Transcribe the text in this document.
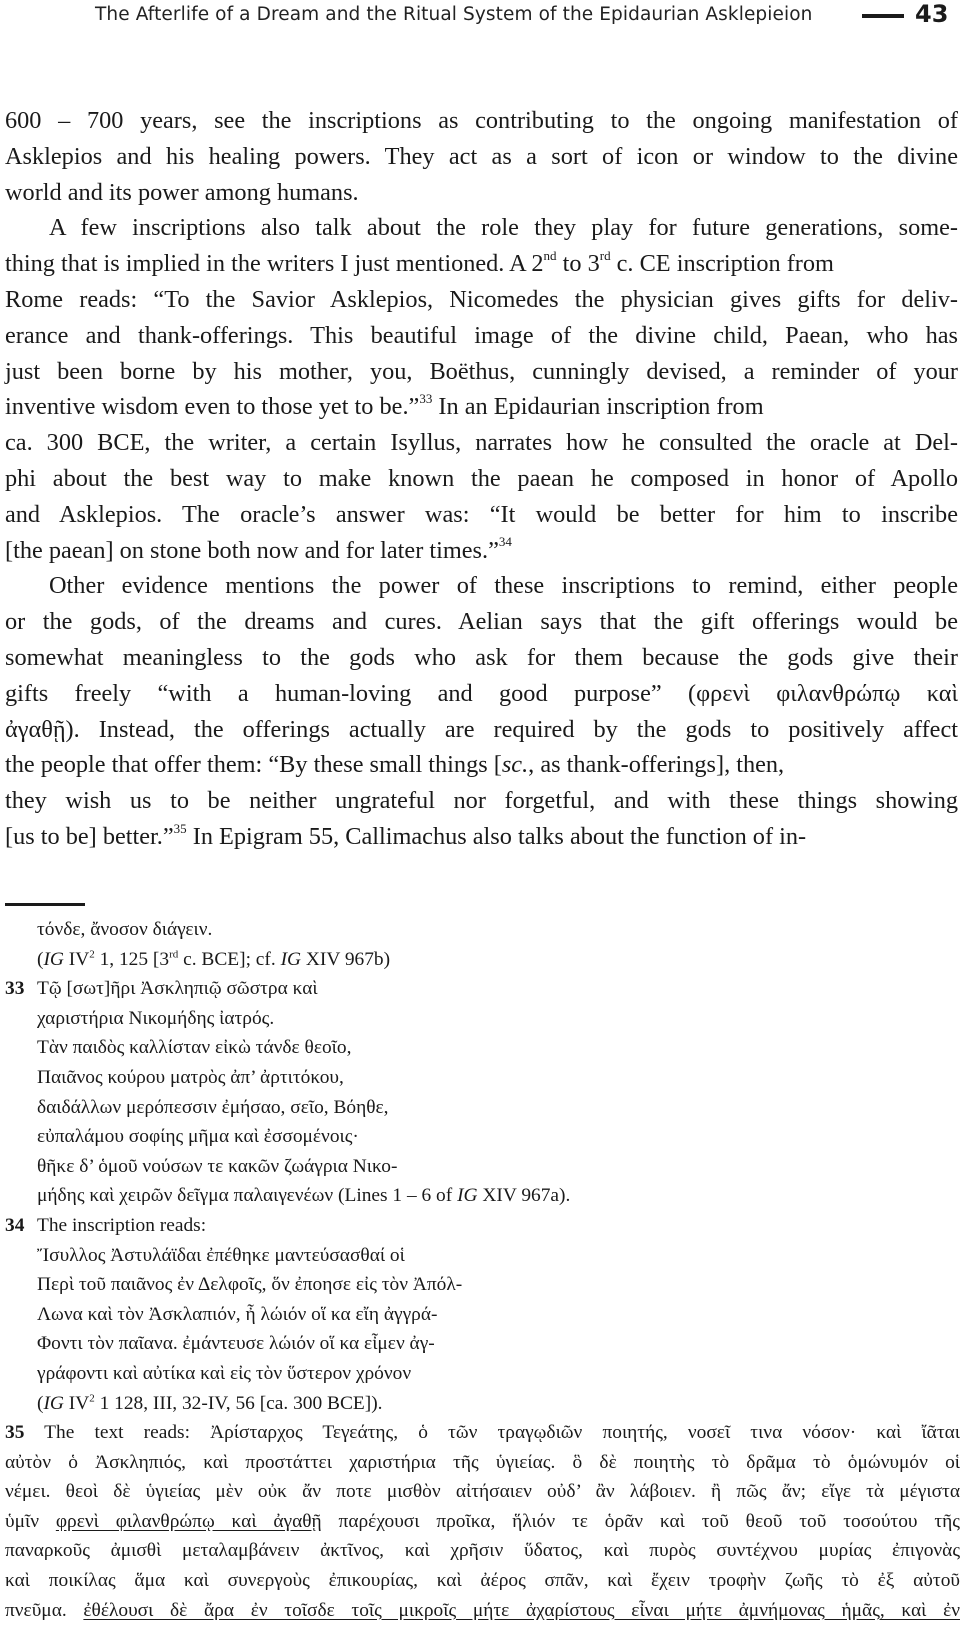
The Afterlife of a Dream and the Ritual System of the Epidaurian Asklepieion	43
600 – 700 years, see the inscriptions as contributing to the ongoing manifestation of
Asklepios and his healing powers. They act as a sort of icon or window to the divine
world and its power among humans.
A few inscriptions also talk about the role they play for future generations, some-
thing that is implied in the writers I just mentioned. A 2nd to 3rd c. CE inscription from
Rome reads: “To the Savior Asklepios, Nicomedes the physician gives gifts for deliv-
erance and thank-offerings. This beautiful image of the divine child, Paean, who has
just been borne by his mother, you, Boëthus, cunningly devised, a reminder of your
inventive wisdom even to those yet to be.”$^{33}$ In an Epidaurian inscription from
ca. 300 BCE, the writer, a certain Isyllus, narrates how he consulted the oracle at Del-
phi about the best way to make known the paean he composed in honor of Apollo
and Asklepios. The oracle’s answer was: “It would be better for him to inscribe
[the paean] on stone both now and for later times.”$^{34}$
Other evidence mentions the power of these inscriptions to remind, either people
or the gods, of the dreams and cures. Aelian says that the gift offerings would be
somewhat meaningless to the gods who ask for them because the gods give their
gifts freely “with a human-loving and good purpose” (φρενὶ φιλανθρώπῳ καὶ
ἀγαθῇ). Instead, the offerings actually are required by the gods to positively affect
the people that offer them: “By these small things [sc., as thank-offerings], then,
they wish us to be neither ungrateful nor forgetful, and with these things showing
[us to be] better.”$^{35}$ In Epigram 55, Callimachus also talks about the function of in-
τόνδε, ἄνοσον διάγειν.
(IG IV$^2$ 1, 125 [3rd c. BCE]; cf. IG XIV 967b)
33 Τῷ [σωτ]ῆρι Ἀσκληπιῷ σῶστρα καὶ
χαριστήρια Νικομήδης ἰατρός.
Τὰν παιδὸς καλλίσταν εἰκὼ τάνδε θεοῖο,
Παιᾶνος κούρου ματρὸς ἀπ’ ἀρτιτόκου,
δαιδάλλων μερόπεσσιν ἐμήσαο, σεῖο, Βόηθε,
εὐπαλάμου σοφίης μῆμα καὶ ἐσσομένοις·
θῆκε δ’ ὁμοῦ νούσων τε κακῶν ζωάγρια Νικο-
μήδης καὶ χειρῶν δεῖγμα παλαιγενέων (Lines 1 – 6 of IG XIV 967a).
34 The inscription reads:
Ἴσυλλος Ἀστυλάϊδαι ἐπέθηκε μαντεύσασθαί οἱ
Περὶ τοῦ παιᾶνος ἐν Δελφοῖς, ὅν ἐποησε εἰς τὸν Ἀπόλ-
Λωνα καὶ τὸν Ἀσκλαπιόν, ἦ λώιόν οἵ κα εἴη ἀγγρά-
Φοντι τὸν παῖανα. ἐμάντευσε λώιόν οἵ κα εἶμεν ἀγ-
γράφοντι καὶ αὐτίκα καὶ εἰς τὸν ὕστερον χρόνον
(IG IV$^2$ 1 128, III, 32-IV, 56 [ca. 300 BCE]).
35 The text reads: Ἀρίσταρχος Τεγεάτης, ὁ τῶν τραγῳδιῶν ποιητής, νοσεῖ τινα νόσον· καὶ ἴᾶται
αὐτὸν ὁ Ἀσκληπιός, καὶ προστάττει χαριστήρια τῆς ὑγιείας. ὃ δὲ ποιητὴς τὸ δρᾶμα τὸ ὁμώνυμόν οἱ
νέμει. θεοὶ δὲ ὑγιείας μὲν οὐκ ἄν ποτε μισθὸν αἰτήσαιεν οὐδ’ ἂν λάβοιεν. ἢ πῶς ἄν; εἴγε τὰ μέγιστα
ὑμῖν φρενὶ φιλανθρώπῳ καὶ ἀγαθῇ παρέχουσι προῖκα, ἥλιόν τε ὁρᾶν καὶ τοῦ θεοῦ τοῦ τοσούτου τῆς
παναρκοῦς ἀμισθὶ μεταλαμβάνειν ἀκτῖνος, καὶ χρῆσιν ὕδατος, καὶ πυρὸς συντέχνου μυρίας ἐπιγονὰς
καὶ ποικίλας ἅμα καὶ συνεργοὺς ἐπικουρίας, καὶ ἀέρος σπᾶν, καὶ ἔχειν τροφὴν ζωῆς τὸ ἐξ αὐτοῦ
πνεῦμα. ἐθέλουσι δὲ ἄρα ἐν τοῖσδε τοῖς μικροῖς μήτε ἀχαρίστους εἶναι μήτε ἀμνήμονας ἡμᾶς, καὶ ἐν
